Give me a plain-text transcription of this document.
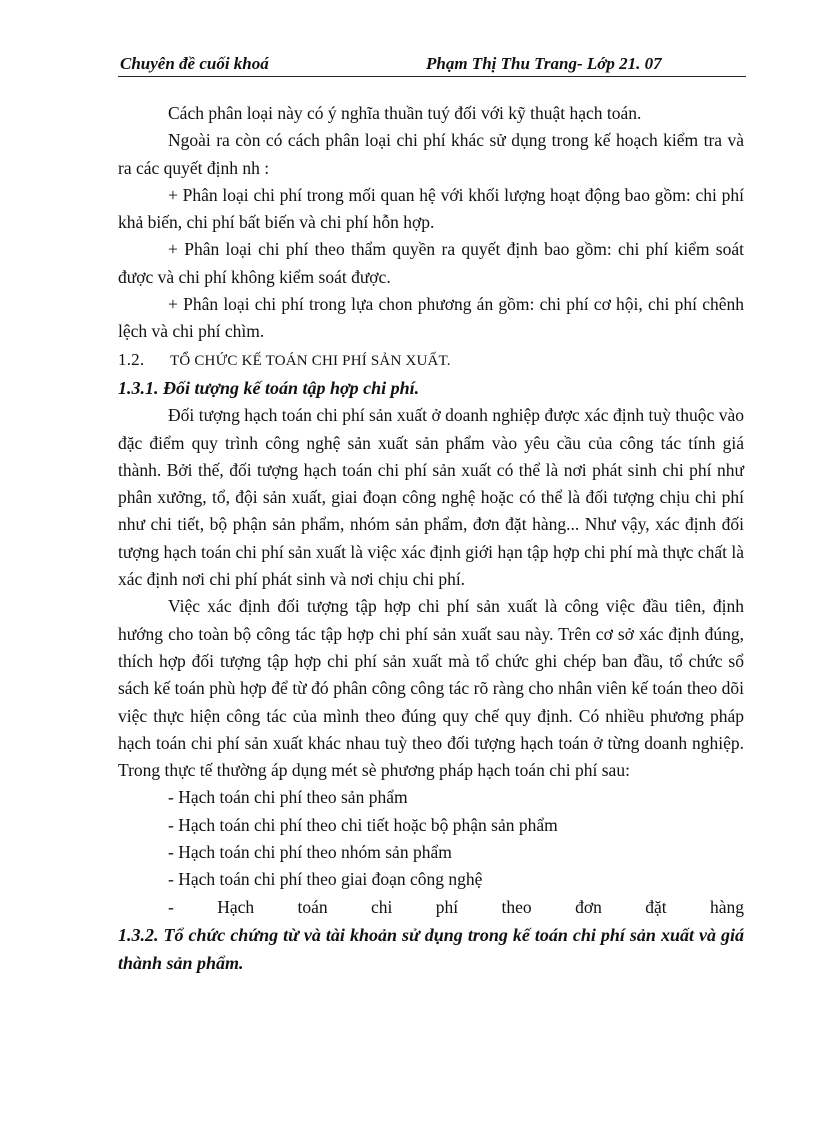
Chuyên đề cuối khoá	Phạm Thị Thu Trang- Lớp 21. 07

Cách phân loại này có ý nghĩa thuần tuý đối với kỹ thuật hạch toán.

Ngoài ra còn có cách phân loại chi phí khác sử dụng trong kế hoạch kiểm tra và ra các quyết định nh :

+ Phân loại chi phí trong mối quan hệ với khối lượng hoạt động bao gồm: chi phí khả biến, chi phí bất biến và chi phí hỗn hợp.

+ Phân loại chi phí theo thẩm quyền ra quyết định bao gồm: chi phí kiểm soát được và chi phí không kiểm soát được.

+ Phân loại chi phí trong lựa chon phương án gồm: chi phí cơ hội, chi phí chênh lệch và chi phí chìm.

1.2. TỔ CHỨC KẾ TOÁN CHI PHÍ SẢN XUẤT.

1.3.1. Đối tượng kế toán tập hợp chi phí.

Đối tượng hạch toán chi phí sản xuất ở doanh nghiệp được xác định tuỳ thuộc vào đặc điểm quy trình công nghệ sản xuất sản phẩm vào yêu cầu của công tác tính giá thành. Bởi thế, đối tượng hạch toán chi phí sản xuất có thể là nơi phát sinh chi phí như phân xưởng, tổ, đội sản xuất, giai đoạn công nghệ hoặc có thể là đối tượng chịu chi phí như chi tiết, bộ phận sản phẩm, nhóm sản phẩm, đơn đặt hàng... Như vậy, xác định đối tượng hạch toán chi phí sản xuất là việc xác định giới hạn tập hợp chi phí mà thực chất là xác định nơi chi phí phát sinh và nơi chịu chi phí.

Việc xác định đối tượng tập hợp chi phí sản xuất là công việc đầu tiên, định hướng cho toàn bộ công tác tập hợp chi phí sản xuất sau này. Trên cơ sở xác định đúng, thích hợp đối tượng tập hợp chi phí sản xuất mà tổ chức ghi chép ban đầu, tổ chức sổ sách kế toán phù hợp để từ đó phân công công tác rõ ràng cho nhân viên kế toán theo dõi việc thực hiện công tác của mình theo đúng quy chế quy định. Có nhiều phương pháp hạch toán chi phí sản xuất khác nhau tuỳ theo đối tượng hạch toán ở từng doanh nghiệp. Trong thực tế thường áp dụng mét sè phương pháp hạch toán chi phí sau:

- Hạch toán chi phí theo sản phẩm
- Hạch toán chi phí theo chi tiết hoặc bộ phận sản phẩm
- Hạch toán chi phí theo nhóm sản phẩm
- Hạch toán chi phí theo giai đoạn công nghệ
- Hạch toán chi phí theo đơn đặt hàng

1.3.2. Tổ chức chứng từ và tài khoản sử dụng trong kế toán chi phí sản xuất và giá thành sản phẩm.
